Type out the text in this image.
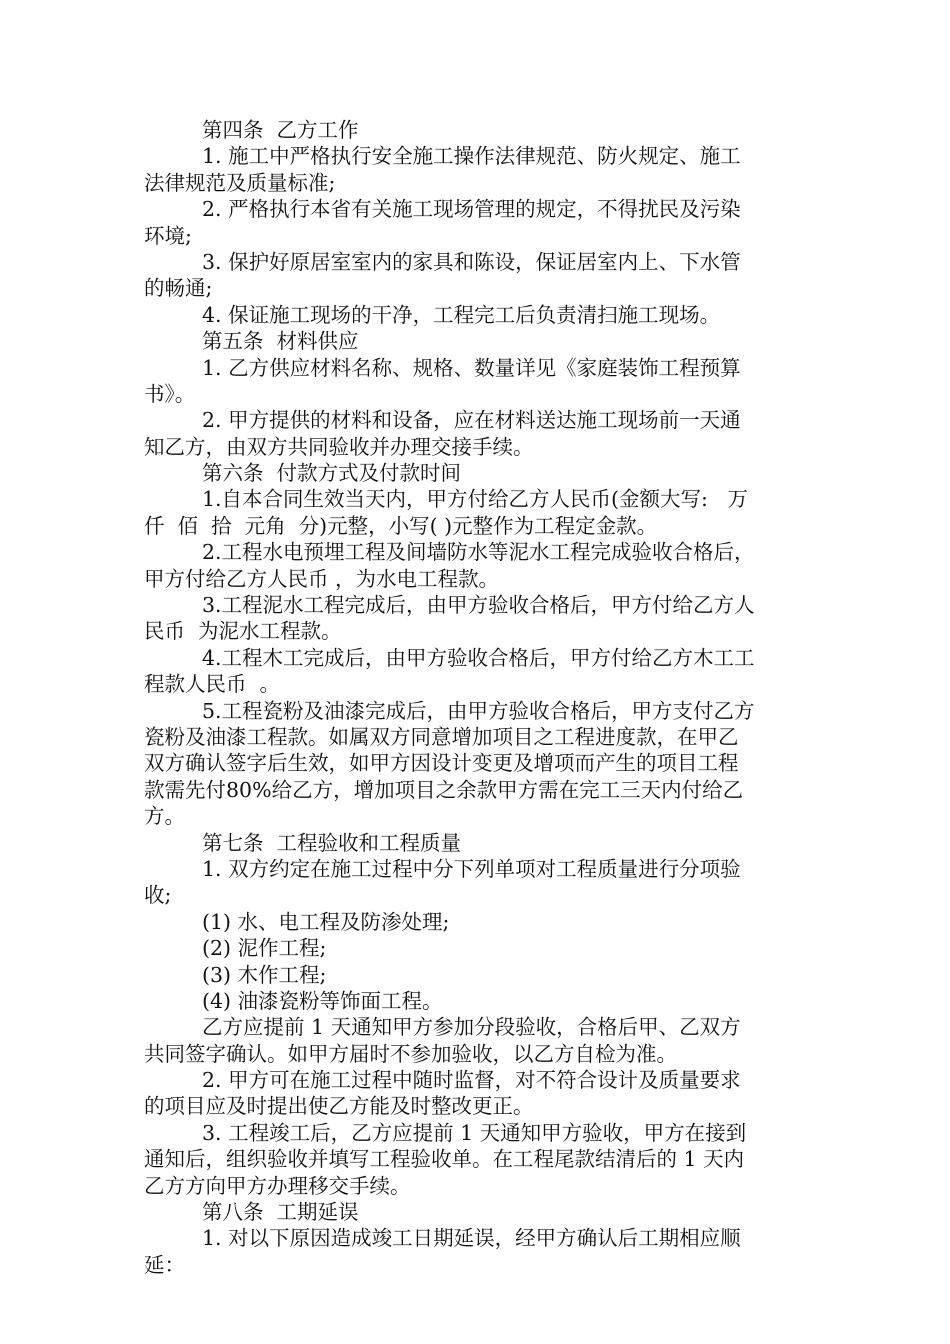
第四条  乙方工作
1. 施工中严格执行安全施工操作法律规范、防火规定、施工
法律规范及质量标准;
2. 严格执行本省有关施工现场管理的规定，不得扰民及污染
环境;
3. 保护好原居室室内的家具和陈设，保证居室内上、下水管
的畅通;
4. 保证施工现场的干净，工程完工后负责清扫施工现场。
第五条  材料供应
1. 乙方供应材料名称、规格、数量详见《家庭装饰工程预算
书》。
2. 甲方提供的材料和设备，应在材料送达施工现场前一天通
知乙方，由双方共同验收并办理交接手续。
第六条  付款方式及付款时间
1.自本合同生效当天内，甲方付给乙方人民币(金额大写:   万
仟  佰  拾  元角  分)元整，小写( )元整作为工程定金款。
2.工程水电预埋工程及间墙防水等泥水工程完成验收合格后，
甲方付给乙方人民币 ，为水电工程款。
3.工程泥水工程完成后，由甲方验收合格后，甲方付给乙方人
民币  为泥水工程款。
4.工程木工完成后，由甲方验收合格后，甲方付给乙方木工工
程款人民币  。
5.工程瓷粉及油漆完成后，由甲方验收合格后，甲方支付乙方
瓷粉及油漆工程款。如属双方同意增加项目之工程进度款，在甲乙
双方确认签字后生效，如甲方因设计变更及增项而产生的项目工程
款需先付80%给乙方，增加项目之余款甲方需在完工三天内付给乙
方。
第七条  工程验收和工程质量
1. 双方约定在施工过程中分下列单项对工程质量进行分项验
收;
(1) 水、电工程及防渗处理;
(2) 泥作工程;
(3) 木作工程;
(4) 油漆瓷粉等饰面工程。
乙方应提前 1 天通知甲方参加分段验收，合格后甲、乙双方
共同签字确认。如甲方届时不参加验收，以乙方自检为准。
2. 甲方可在施工过程中随时监督，对不符合设计及质量要求
的项目应及时提出使乙方能及时整改更正。
3. 工程竣工后，乙方应提前 1 天通知甲方验收，甲方在接到
通知后，组织验收并填写工程验收单。在工程尾款结清后的 1 天内
乙方方向甲方办理移交手续。
第八条  工期延误
1. 对以下原因造成竣工日期延误，经甲方确认后工期相应顺
延：
